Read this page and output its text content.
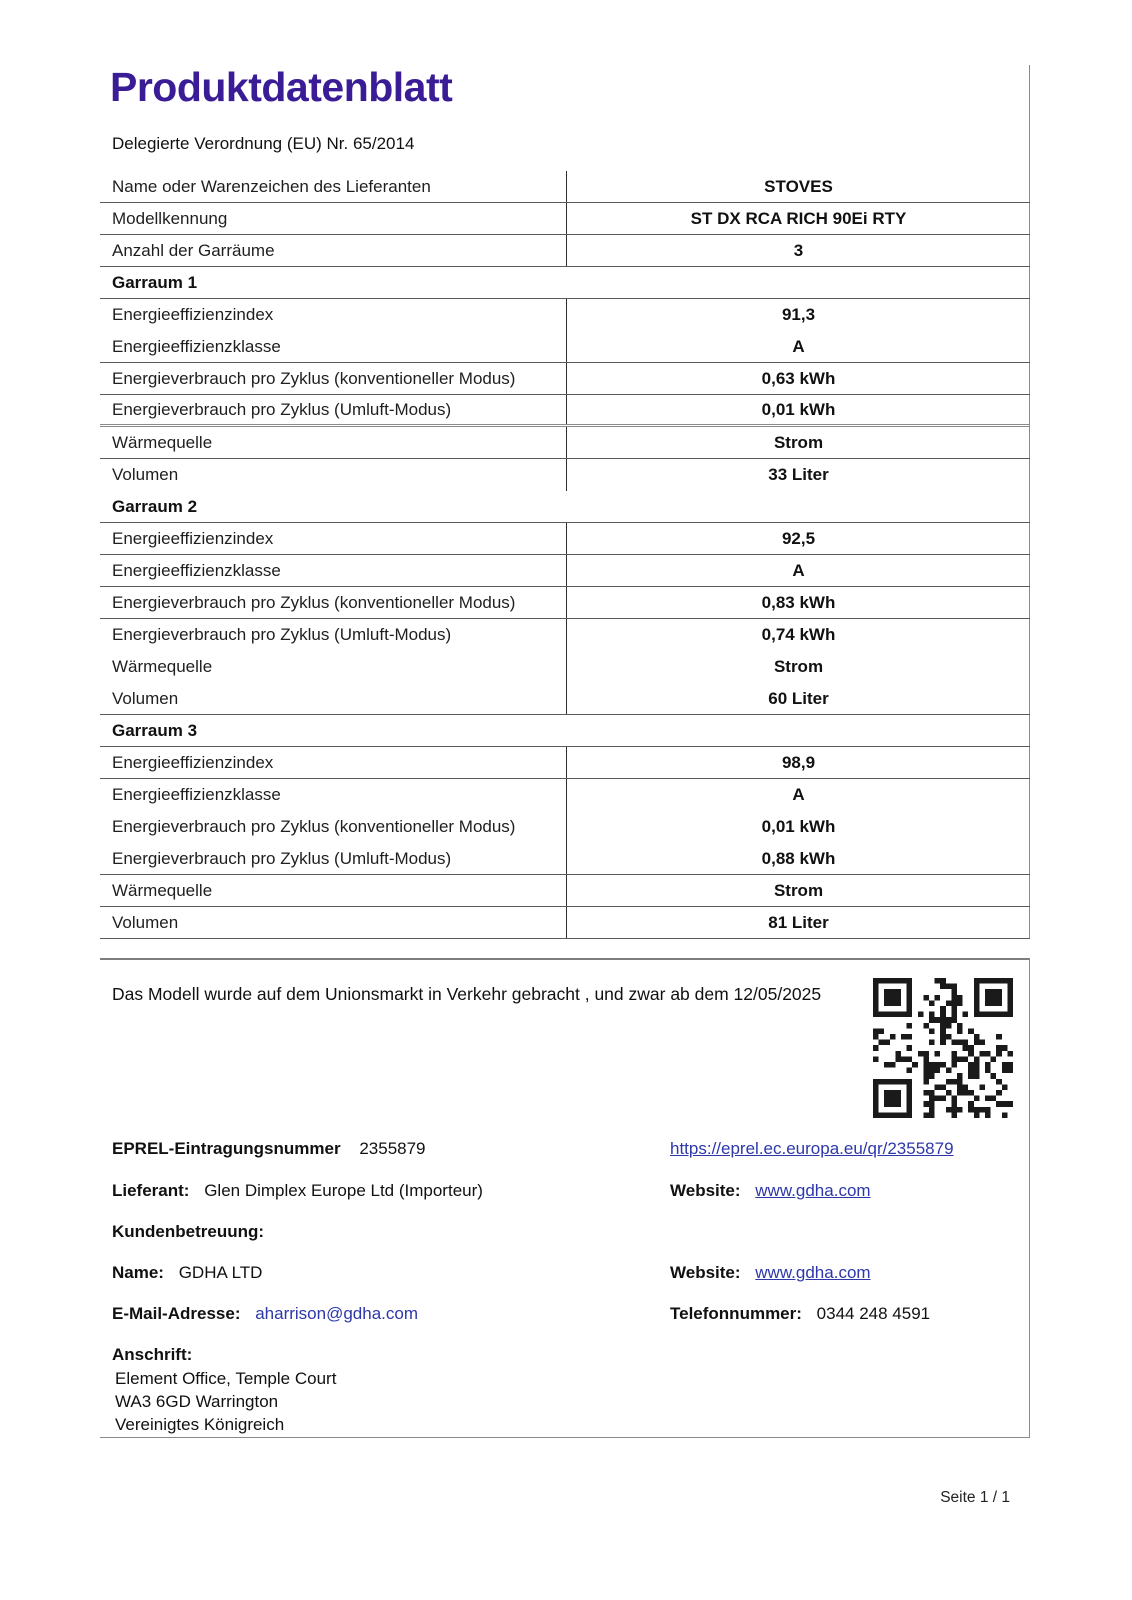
Produktdatenblatt
Delegierte Verordnung (EU) Nr. 65/2014
Name oder Warenzeichen des Lieferanten	STOVES
Modellkennung	ST DX RCA RICH 90Ei RTY
Anzahl der Garräume	3
Garraum 1
Energieeffizienzindex	91,3
Energieeffizienzklasse	A
Energieverbrauch pro Zyklus (konventioneller Modus)	0,63 kWh
Energieverbrauch pro Zyklus (Umluft-Modus)	0,01 kWh
Wärmequelle	Strom
Volumen	33 Liter
Garraum 2
Energieeffizienzindex	92,5
Energieeffizienzklasse	A
Energieverbrauch pro Zyklus (konventioneller Modus)	0,83 kWh
Energieverbrauch pro Zyklus (Umluft-Modus)	0,74 kWh
Wärmequelle	Strom
Volumen	60 Liter
Garraum 3
Energieeffizienzindex	98,9
Energieeffizienzklasse	A
Energieverbrauch pro Zyklus (konventioneller Modus)	0,01 kWh
Energieverbrauch pro Zyklus (Umluft-Modus)	0,88 kWh
Wärmequelle	Strom
Volumen	81 Liter
Das Modell wurde auf dem Unionsmarkt in Verkehr gebracht , und zwar ab dem 12/05/2025
EPREL-Eintragungsnummer 2355879	https://eprel.ec.europa.eu/qr/2355879
Lieferant: Glen Dimplex Europe Ltd (Importeur)	Website: www.gdha.com
Kundenbetreuung:
Name: GDHA LTD	Website: www.gdha.com
E-Mail-Adresse: aharrison@gdha.com	Telefonnummer: 0344 248 4591
Anschrift:
Element Office, Temple Court
WA3 6GD Warrington
Vereinigtes Königreich
Seite 1 / 1
